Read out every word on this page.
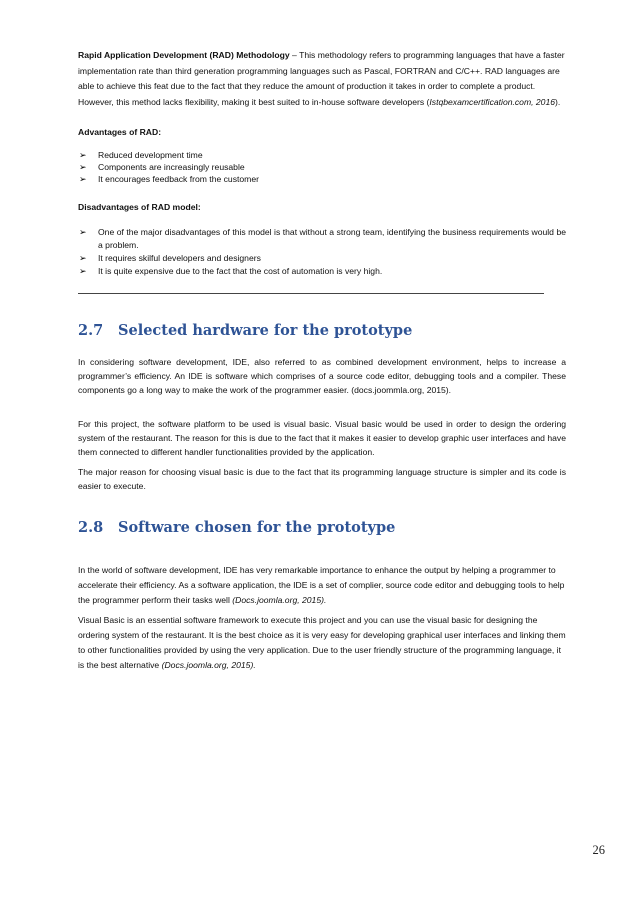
Rapid Application Development (RAD) Methodology – This methodology refers to programming languages that have a faster implementation rate than third generation programming languages such as Pascal, FORTRAN and C/C++. RAD languages are able to achieve this feat due to the fact that they reduce the amount of production it takes in order to complete a product. However, this method lacks flexibility, making it best suited to in-house software developers (Istqbexamcertification.com, 2016).

Advantages of RAD:

➢ Reduced development time
➢ Components are increasingly reusable
➢ It encourages feedback from the customer

Disadvantages of RAD model:

➢ One of the major disadvantages of this model is that without a strong team, identifying the business requirements would be a problem.
➢ It requires skilful developers and designers
➢ It is quite expensive due to the fact that the cost of automation is very high.
2.7 Selected hardware for the prototype

In considering software development, IDE, also referred to as combined development environment, helps to increase a programmer’s efficiency. An IDE is software which comprises of a source code editor, debugging tools and a compiler. These components go a long way to make the work of the programmer easier. (docs.joommla.org, 2015).

For this project, the software platform to be used is visual basic. Visual basic would be used in order to design the ordering system of the restaurant. The reason for this is due to the fact that it makes it easier to develop graphic user interfaces and have them connected to different handler functionalities provided by the application.

The major reason for choosing visual basic is due to the fact that its programming language structure is simpler and its code is easier to execute.

2.8 Software chosen for the prototype

In the world of software development, IDE has very remarkable importance to enhance the output by helping a programmer to accelerate their efficiency. As a software application, the IDE is a set of complier, source code editor and debugging tools to help the programmer perform their tasks well (Docs.joomla.org, 2015).

Visual Basic is an essential software framework to execute this project and you can use the visual basic for designing the ordering system of the restaurant. It is the best choice as it is very easy for developing graphical user interfaces and linking them to other functionalities provided by using the very application. Due to the user friendly structure of the programming language, it is the best alternative (Docs.joomla.org, 2015).

26
